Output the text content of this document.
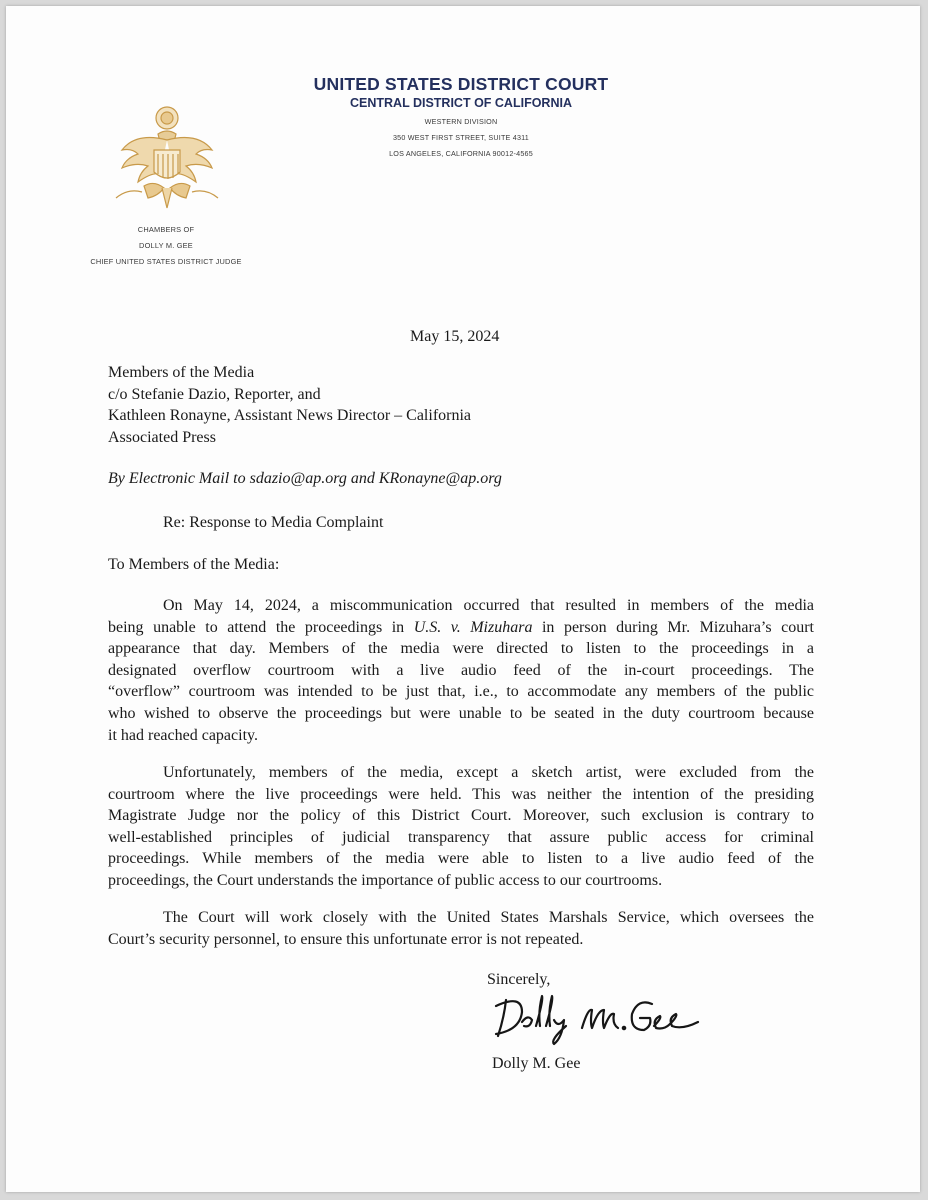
UNITED STATES DISTRICT COURT
CENTRAL DISTRICT OF CALIFORNIA
WESTERN DIVISION
350 WEST FIRST STREET, SUITE 4311
LOS ANGELES, CALIFORNIA 90012-4565
CHAMBERS OF
DOLLY M. GEE
CHIEF UNITED STATES DISTRICT JUDGE
May 15, 2024
Members of the Media
c/o Stefanie Dazio, Reporter, and
Kathleen Ronayne, Assistant News Director – California
Associated Press
By Electronic Mail to sdazio@ap.org and KRonayne@ap.org
Re: Response to Media Complaint
To Members of the Media:
On May 14, 2024, a miscommunication occurred that resulted in members of the media
being unable to attend the proceedings in U.S. v. Mizuhara in person during Mr. Mizuhara’s court
appearance that day. Members of the media were directed to listen to the proceedings in a
designated overflow courtroom with a live audio feed of the in-court proceedings. The
“overflow” courtroom was intended to be just that, i.e., to accommodate any members of the public
who wished to observe the proceedings but were unable to be seated in the duty courtroom because
it had reached capacity.
Unfortunately, members of the media, except a sketch artist, were excluded from the
courtroom where the live proceedings were held. This was neither the intention of the presiding
Magistrate Judge nor the policy of this District Court. Moreover, such exclusion is contrary to
well-established principles of judicial transparency that assure public access for criminal
proceedings. While members of the media were able to listen to a live audio feed of the
proceedings, the Court understands the importance of public access to our courtrooms.
The Court will work closely with the United States Marshals Service, which oversees the
Court’s security personnel, to ensure this unfortunate error is not repeated.
Sincerely,
Dolly M. Gee
